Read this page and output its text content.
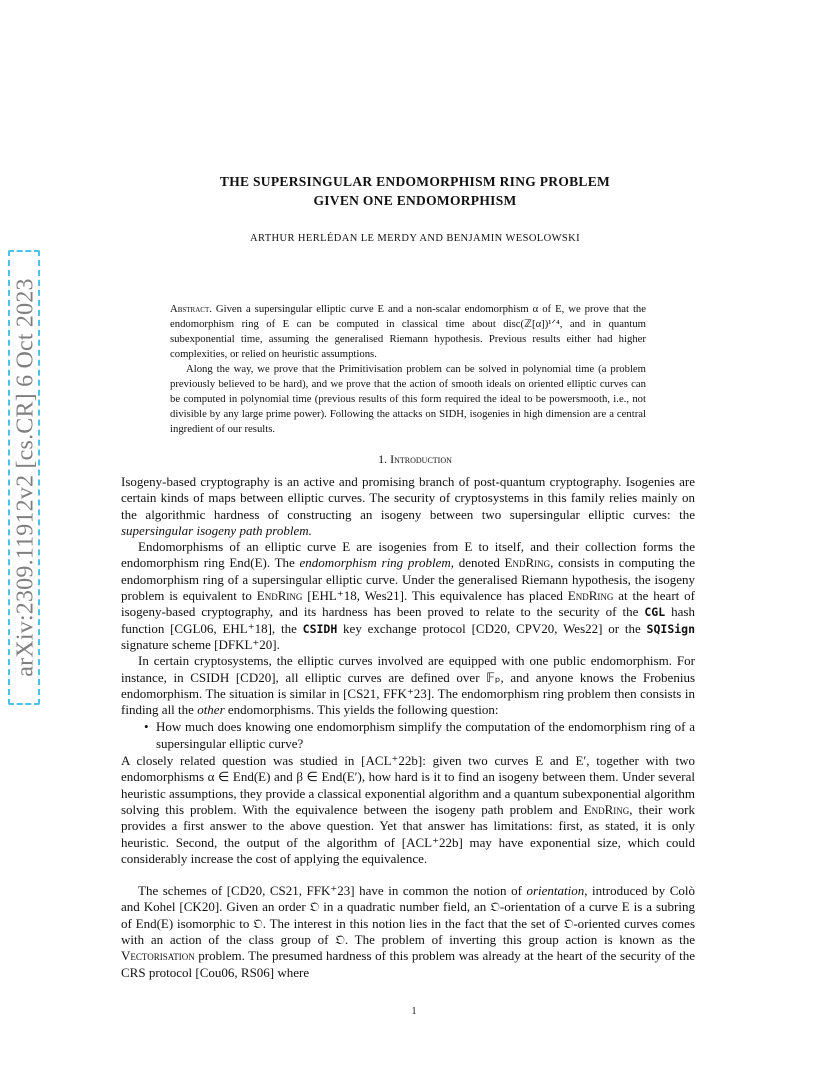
arXiv:2309.11912v2 [cs.CR] 6 Oct 2023
THE SUPERSINGULAR ENDOMORPHISM RING PROBLEM
GIVEN ONE ENDOMORPHISM
ARTHUR HERLÉDAN LE MERDY AND BENJAMIN WESOLOWSKI

Abstract. Given a supersingular elliptic curve E and a non-scalar endomorphism α of E, we prove that the endomorphism ring of E can be computed in classical time about disc(ℤ[α])¹ᐟ⁴, and in quantum subexponential time, assuming the generalised Riemann hypothesis. Previous results either had higher complexities, or relied on heuristic assumptions.

Along the way, we prove that the Primitivisation problem can be solved in polynomial time (a problem previously believed to be hard), and we prove that the action of smooth ideals on oriented elliptic curves can be computed in polynomial time (previous results of this form required the ideal to be powersmooth, i.e., not divisible by any large prime power). Following the attacks on SIDH, isogenies in high dimension are a central ingredient of our results.

1. Introduction

Isogeny-based cryptography is an active and promising branch of post-quantum cryptography. Isogenies are certain kinds of maps between elliptic curves. The security of cryptosystems in this family relies mainly on the algorithmic hardness of constructing an isogeny between two supersingular elliptic curves: the supersingular isogeny path problem.

Endomorphisms of an elliptic curve E are isogenies from E to itself, and their collection forms the endomorphism ring End(E). The endomorphism ring problem, denoted EndRing, consists in computing the endomorphism ring of a supersingular elliptic curve. Under the generalised Riemann hypothesis, the isogeny problem is equivalent to EndRing [EHL⁺18, Wes21]. This equivalence has placed EndRing at the heart of isogeny-based cryptography, and its hardness has been proved to relate to the security of the CGL hash function [CGL06, EHL⁺18], the CSIDH key exchange protocol [CD20, CPV20, Wes22] or the SQISign signature scheme [DFKL⁺20].

In certain cryptosystems, the elliptic curves involved are equipped with one public endomorphism. For instance, in CSIDH [CD20], all elliptic curves are defined over 𝔽ₚ, and anyone knows the Frobenius endomorphism. The situation is similar in [CS21, FFK⁺23]. The endomorphism ring problem then consists in finding all the other endomorphisms. This yields the following question:

• How much does knowing one endomorphism simplify the computation of the endomorphism ring of a supersingular elliptic curve?

A closely related question was studied in [ACL⁺22b]: given two curves E and E′, together with two endomorphisms α ∈ End(E) and β ∈ End(E′), how hard is it to find an isogeny between them. Under several heuristic assumptions, they provide a classical exponential algorithm and a quantum subexponential algorithm solving this problem. With the equivalence between the isogeny path problem and EndRing, their work provides a first answer to the above question. Yet that answer has limitations: first, as stated, it is only heuristic. Second, the output of the algorithm of [ACL⁺22b] may have exponential size, which could considerably increase the cost of applying the equivalence.

The schemes of [CD20, CS21, FFK⁺23] have in common the notion of orientation, introduced by Colò and Kohel [CK20]. Given an order 𝔒 in a quadratic number field, an 𝔒-orientation of a curve E is a subring of End(E) isomorphic to 𝔒. The interest in this notion lies in the fact that the set of 𝔒-oriented curves comes with an action of the class group of 𝔒. The problem of inverting this group action is known as the Vectorisation problem. The presumed hardness of this problem was already at the heart of the security of the CRS protocol [Cou06, RS06] where

1
